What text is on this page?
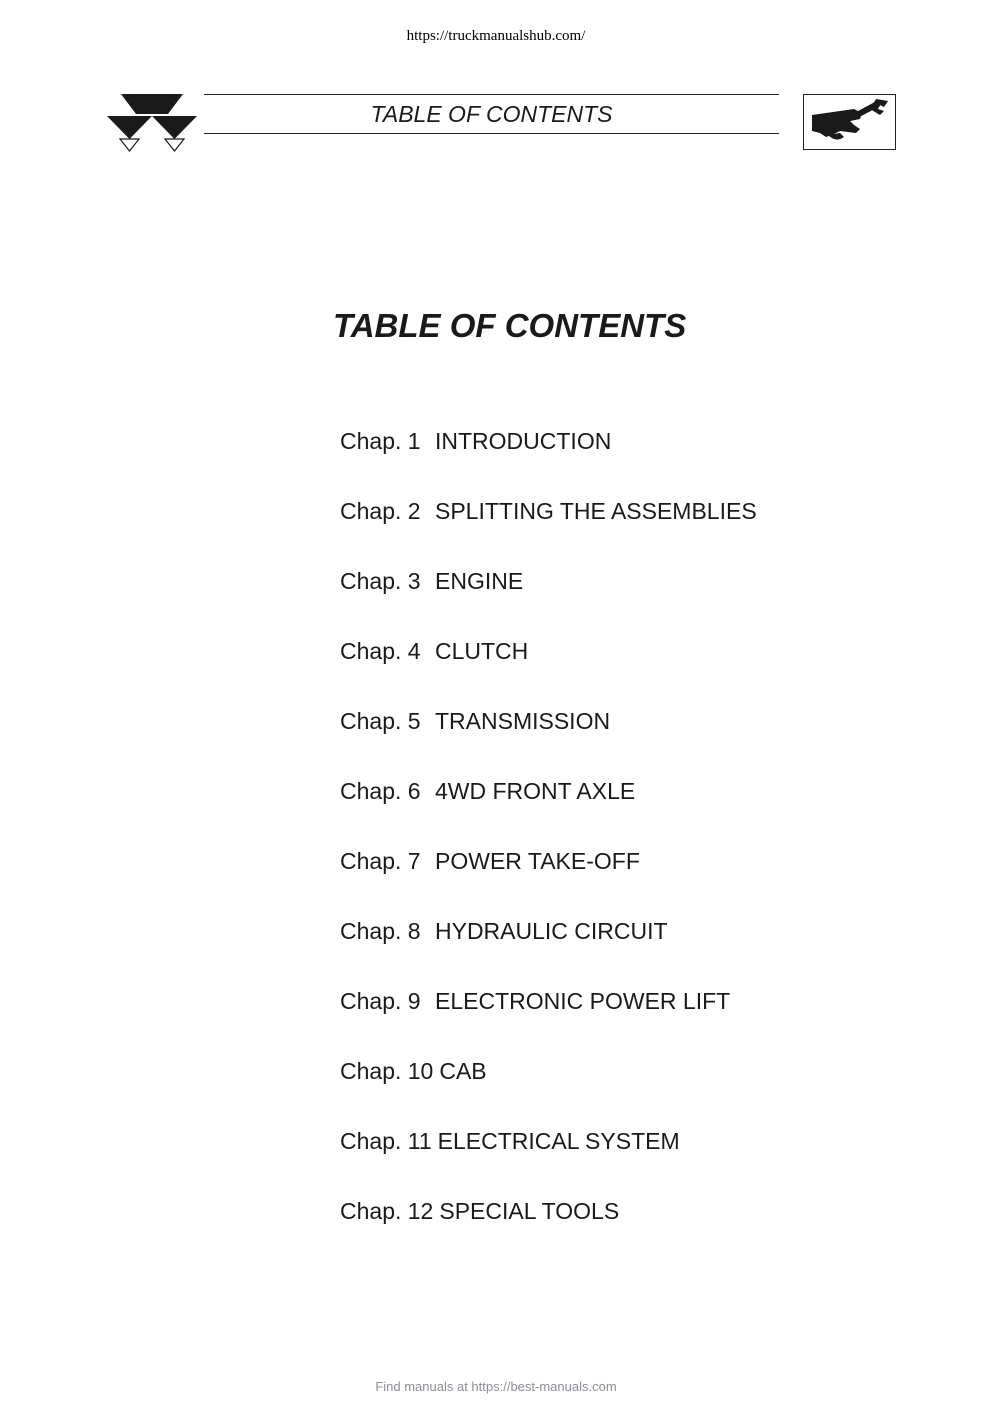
https://truckmanualshub.com/
TABLE OF CONTENTS
TABLE OF CONTENTS
Chap. 1 INTRODUCTION
Chap. 2 SPLITTING THE ASSEMBLIES
Chap. 3 ENGINE
Chap. 4 CLUTCH
Chap. 5 TRANSMISSION
Chap. 6 4WD FRONT AXLE
Chap. 7 POWER TAKE-OFF
Chap. 8 HYDRAULIC CIRCUIT
Chap. 9 ELECTRONIC POWER LIFT
Chap. 10 CAB
Chap. 11 ELECTRICAL SYSTEM
Chap. 12 SPECIAL TOOLS
Find manuals at https://best-manuals.com
